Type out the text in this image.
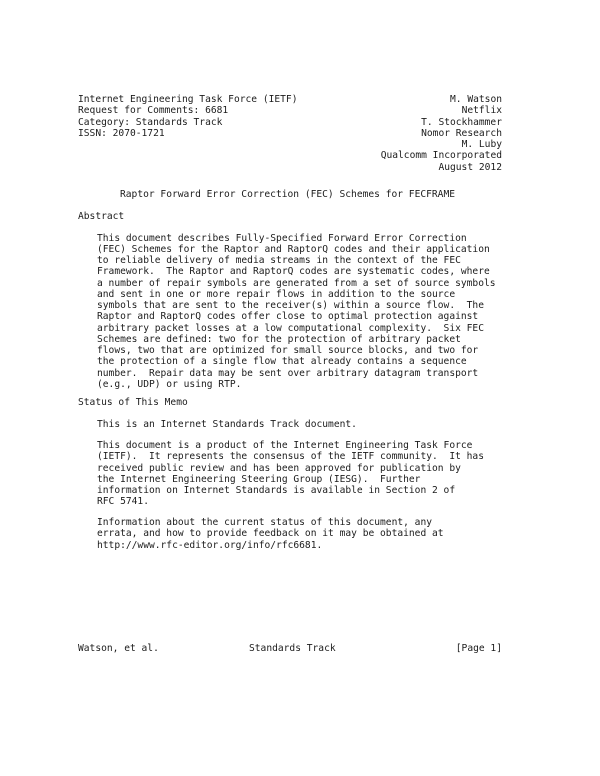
Internet Engineering Task Force (IETF)
Request for Comments: 6681
Category: Standards Track
ISSN: 2070-1721
M. Watson
Netflix
T. Stockhammer
Nomor Research
M. Luby
Qualcomm Incorporated
August 2012
Raptor Forward Error Correction (FEC) Schemes for FECFRAME
Abstract
This document describes Fully-Specified Forward Error Correction
(FEC) Schemes for the Raptor and RaptorQ codes and their application
to reliable delivery of media streams in the context of the FEC
Framework.  The Raptor and RaptorQ codes are systematic codes, where
a number of repair symbols are generated from a set of source symbols
and sent in one or more repair flows in addition to the source
symbols that are sent to the receiver(s) within a source flow.  The
Raptor and RaptorQ codes offer close to optimal protection against
arbitrary packet losses at a low computational complexity.  Six FEC
Schemes are defined: two for the protection of arbitrary packet
flows, two that are optimized for small source blocks, and two for
the protection of a single flow that already contains a sequence
number.  Repair data may be sent over arbitrary datagram transport
(e.g., UDP) or using RTP.
Status of This Memo
This is an Internet Standards Track document.
This document is a product of the Internet Engineering Task Force
(IETF).  It represents the consensus of the IETF community.  It has
received public review and has been approved for publication by
the Internet Engineering Steering Group (IESG).  Further
information on Internet Standards is available in Section 2 of
RFC 5741.
Information about the current status of this document, any
errata, and how to provide feedback on it may be obtained at
http://www.rfc-editor.org/info/rfc6681.
Watson, et al.	Standards Track	[Page 1]
